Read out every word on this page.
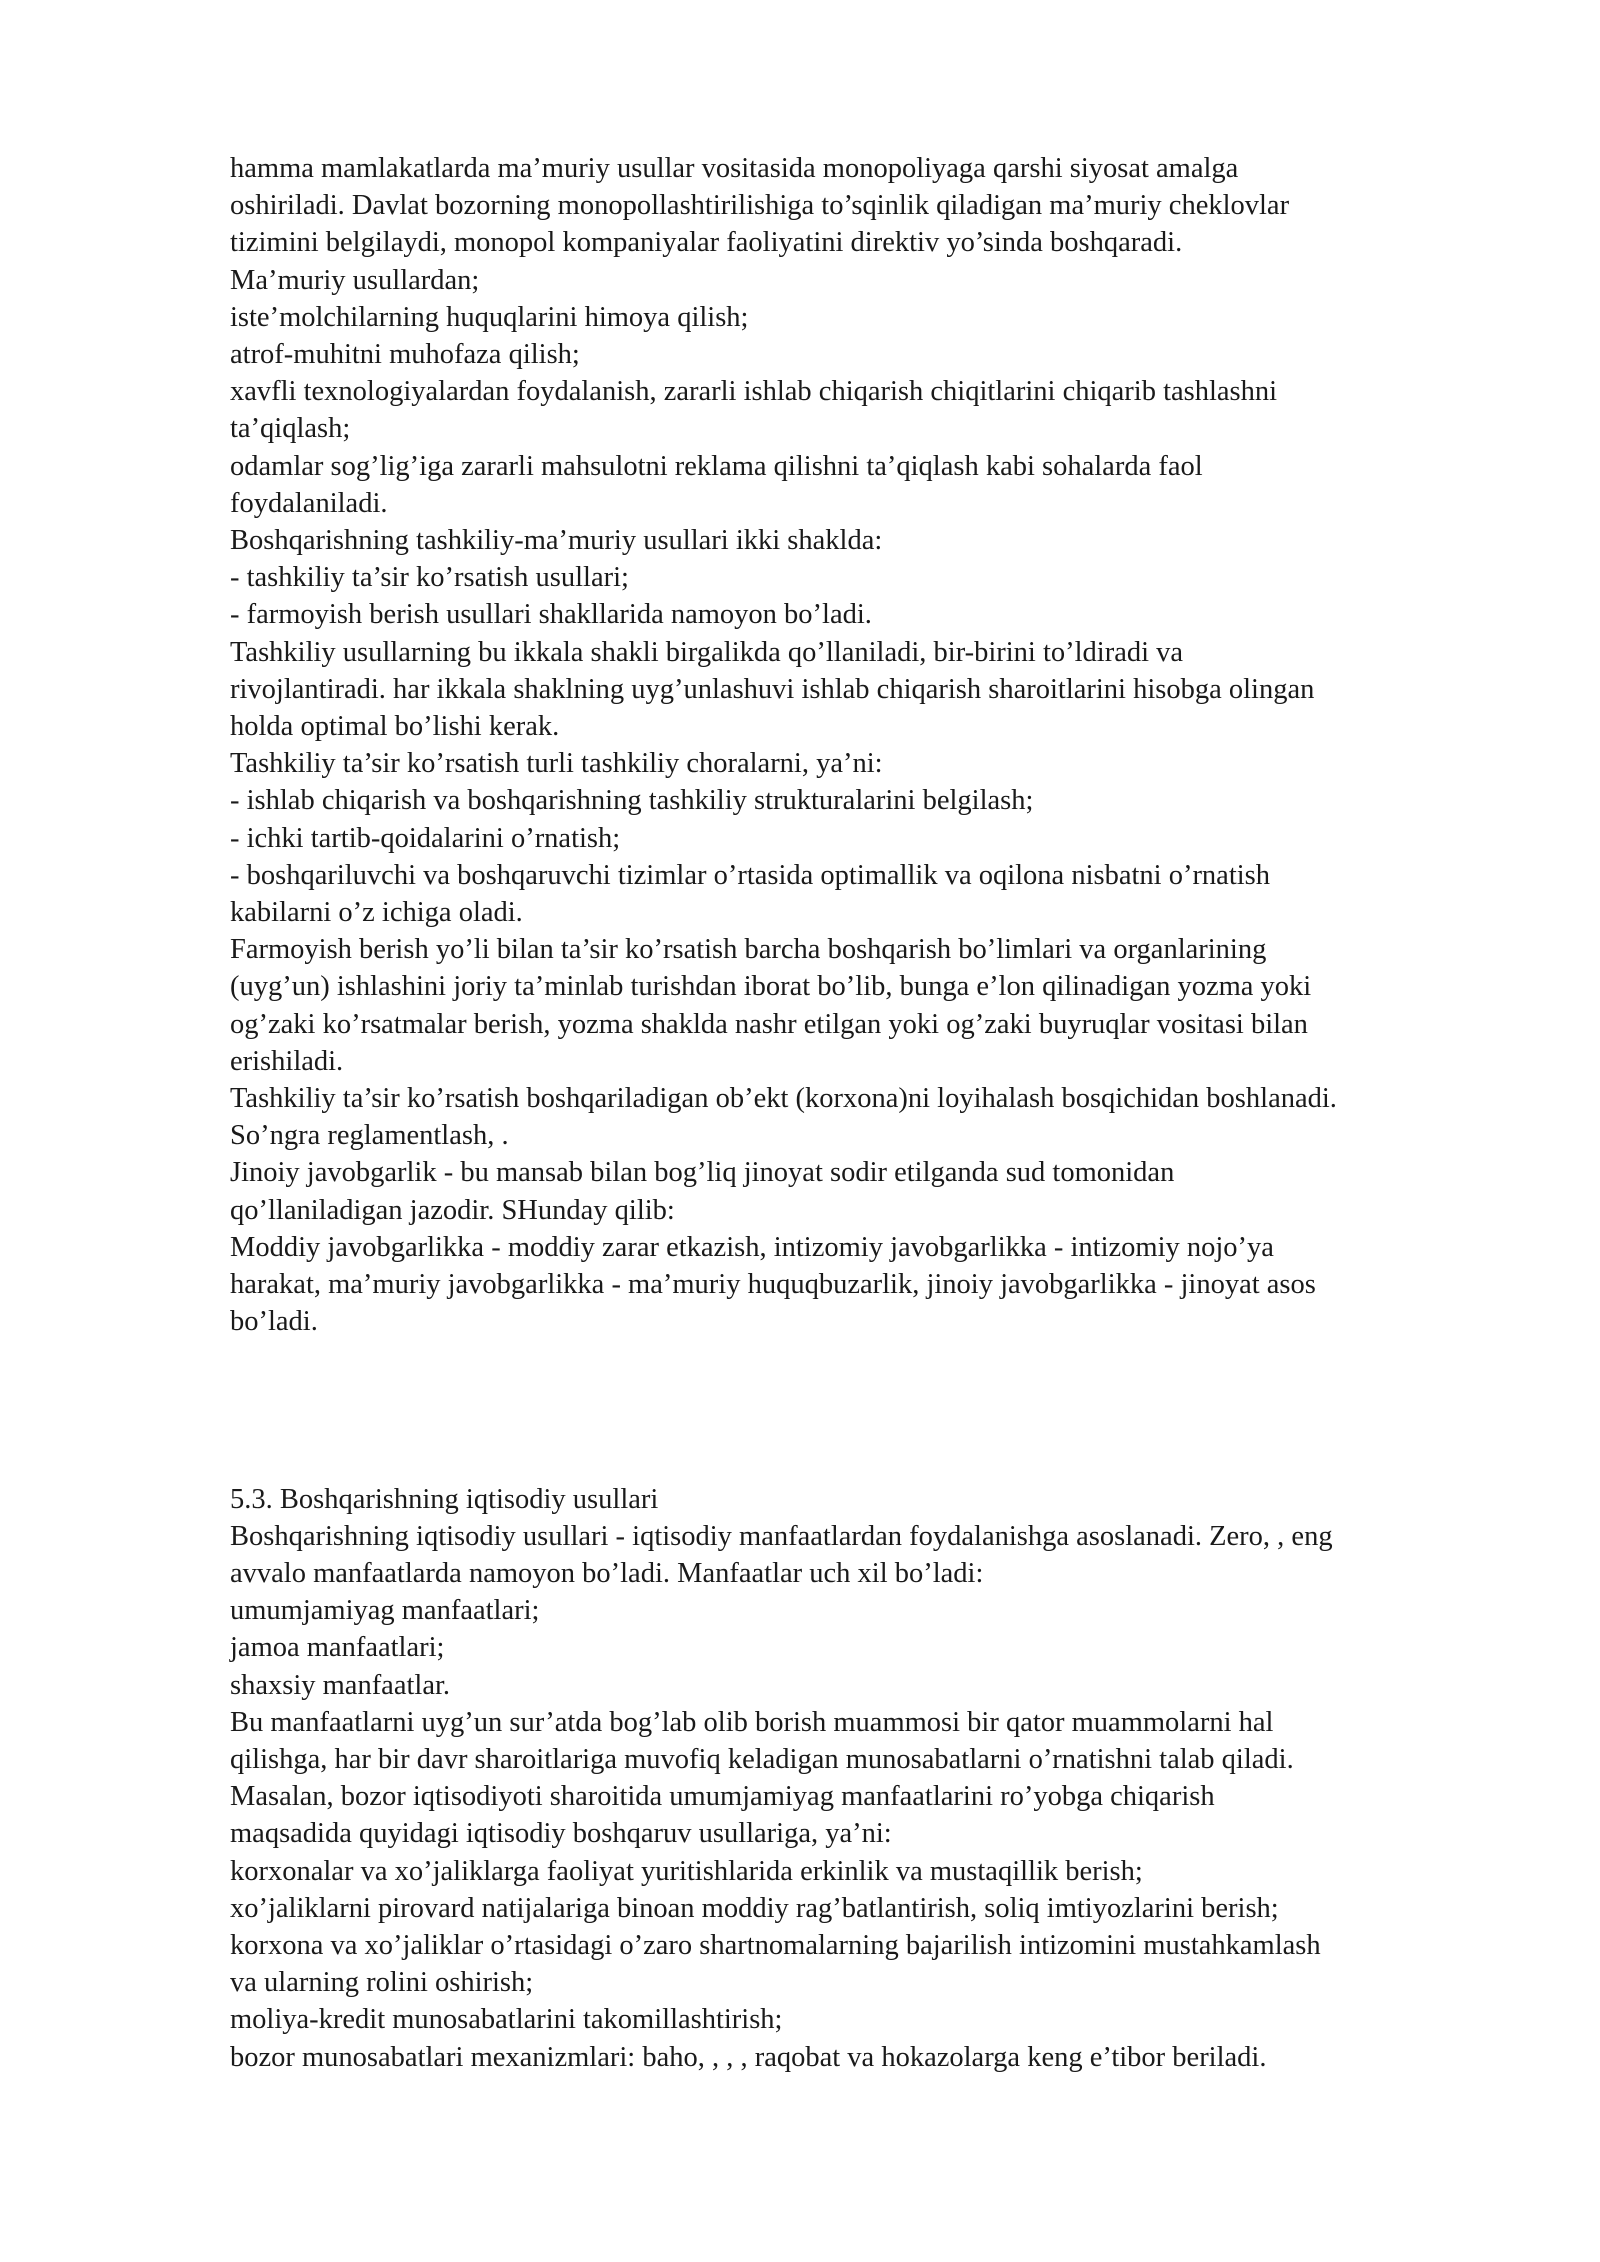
hamma mamlakatlarda ma’muriy usullar vositasida monopoliyaga qarshi siyosat amalga
oshiriladi. Davlat bozorning monopollashtirilishiga to’sqinlik qiladigan ma’muriy cheklovlar
tizimini belgilaydi, monopol kompaniyalar faoliyatini direktiv yo’sinda boshqaradi.
Ma’muriy usullardan;
iste’molchilarning huquqlarini himoya qilish;
atrof-muhitni muhofaza qilish;
xavfli texnologiyalardan foydalanish, zararli ishlab chiqarish chiqitlarini chiqarib tashlashni
ta’qiqlash;
odamlar sog’lig’iga zararli mahsulotni reklama qilishni ta’qiqlash kabi sohalarda faol
foydalaniladi.
Boshqarishning tashkiliy-ma’muriy usullari ikki shaklda:
- tashkiliy ta’sir ko’rsatish usullari;
- farmoyish berish usullari shakllarida namoyon bo’ladi.
Tashkiliy usullarning bu ikkala shakli birgalikda qo’llaniladi, bir-birini to’ldiradi va
rivojlantiradi. har ikkala shaklning uyg’unlashuvi ishlab chiqarish sharoitlarini hisobga olingan
holda optimal bo’lishi kerak.
Tashkiliy ta’sir ko’rsatish turli tashkiliy choralarni, ya’ni:
- ishlab chiqarish va boshqarishning tashkiliy strukturalarini belgilash;
- ichki tartib-qoidalarini o’rnatish;
- boshqariluvchi va boshqaruvchi tizimlar o’rtasida optimallik va oqilona nisbatni o’rnatish
kabilarni o’z ichiga oladi.
Farmoyish berish yo’li bilan ta’sir ko’rsatish barcha boshqarish bo’limlari va organlarining
(uyg’un) ishlashini joriy ta’minlab turishdan iborat bo’lib, bunga e’lon qilinadigan yozma yoki
og’zaki ko’rsatmalar berish, yozma shaklda nashr etilgan yoki og’zaki buyruqlar vositasi bilan
erishiladi.
Tashkiliy ta’sir ko’rsatish boshqariladigan ob’ekt (korxona)ni loyihalash bosqichidan boshlanadi.
So’ngra reglamentlash, .
Jinoiy javobgarlik - bu mansab bilan bog’liq jinoyat sodir etilganda sud tomonidan
qo’llaniladigan jazodir. SHunday qilib:
Moddiy javobgarlikka - moddiy zarar etkazish, intizomiy javobgarlikka - intizomiy nojo’ya
harakat, ma’muriy javobgarlikka - ma’muriy huquqbuzarlik, jinoiy javobgarlikka - jinoyat asos
bo’ladi.
5.3. Boshqarishning iqtisodiy usullari
Boshqarishning iqtisodiy usullari - iqtisodiy manfaatlardan foydalanishga asoslanadi. Zero, , eng
avvalo manfaatlarda namoyon bo’ladi. Manfaatlar uch xil bo’ladi:
umumjamiyag manfaatlari;
jamoa manfaatlari;
shaxsiy manfaatlar.
Bu manfaatlarni uyg’un sur’atda bog’lab olib borish muammosi bir qator muammolarni hal
qilishga, har bir davr sharoitlariga muvofiq keladigan munosabatlarni o’rnatishni talab qiladi.
Masalan, bozor iqtisodiyoti sharoitida umumjamiyag manfaatlarini ro’yobga chiqarish
maqsadida quyidagi iqtisodiy boshqaruv usullariga, ya’ni:
korxonalar va xo’jaliklarga faoliyat yuritishlarida erkinlik va mustaqillik berish;
xo’jaliklarni pirovard natijalariga binoan moddiy rag’batlantirish, soliq imtiyozlarini berish;
korxona va xo’jaliklar o’rtasidagi o’zaro shartnomalarning bajarilish intizomini mustahkamlash
va ularning rolini oshirish;
moliya-kredit munosabatlarini takomillashtirish;
bozor munosabatlari mexanizmlari: baho, , , , raqobat va hokazolarga keng e’tibor beriladi.
